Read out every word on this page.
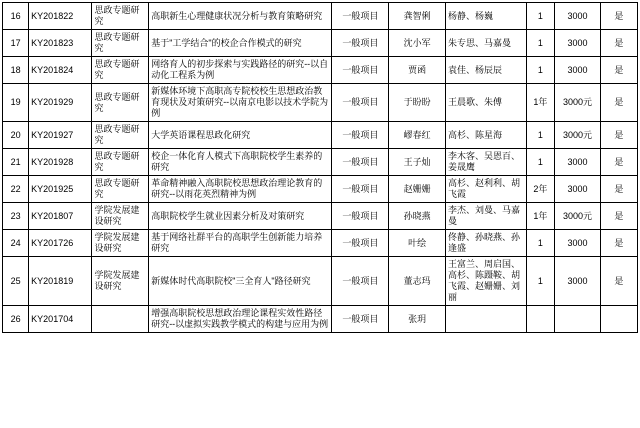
16	KY201822	思政专题研究	高职新生心理健康状况分析与教育策略研究	一般项目	龚智俐	杨静、杨巍	1	3000	是
17	KY201823	思政专题研究	基于"工学结合"的校企合作模式的研究	一般项目	沈小军	朱专思、马嘉曼	1	3000	是
18	KY201824	思政专题研究	网络育人的初步探索与实践路径的研究--以自动化工程系为例	一般项目	贾函	袁佳、杨辰辰	1	3000	是
19	KY201929	思政专题研究	新媒体环境下高职高专院校校生思想政治教育现状及对策研究--以南京电影以技术学院为例	一般项目	于盼盼	王晨歌、朱傅	1年	3000元	是
20	KY201927	思政专题研究	大学英语课程思政化研究	一般项目	嵺春红	高杉、陈星海	1	3000元	是
21	KY201928	思政专题研究	校企一体化育人模式下高职院校学生素养的研究	一般项目	王子灿	李木客、吴恩百、姜晟鹰	1	3000	是
22	KY201925	思政专题研究	革命精神融入高职院校思想政治理论教育的研究--以雨花英烈精神为例	一般项目	赵姗姗	高杉、赵利利、胡飞霞	2年	3000	是
23	KY201807	学院发展建设研究	高职院校学生就业因素分析及对策研究	一般项目	孙晓燕	李杰、刘曼、马嘉曼	1年	3000元	是
24	KY201726	学院发展建设研究	基于网络社群平台的高职学生创新能力培养研究	一般项目	叶绘	佟静、孙晓燕、孙逢盛	1	3000	是
25	KY201819	学院发展建设研究	新媒体时代高职院校"三全育人"路径研究	一般项目	董志玛	王富兰、周启国、高杉、陈蹑鞍、胡飞霞、赵姗姗、刘丽	1	3000	是
26	KY201704		增强高职院校思想政治理论课程实效性路径研究--以虚拟实践教学模式的构建与应用为例	一般项目	张玥				
